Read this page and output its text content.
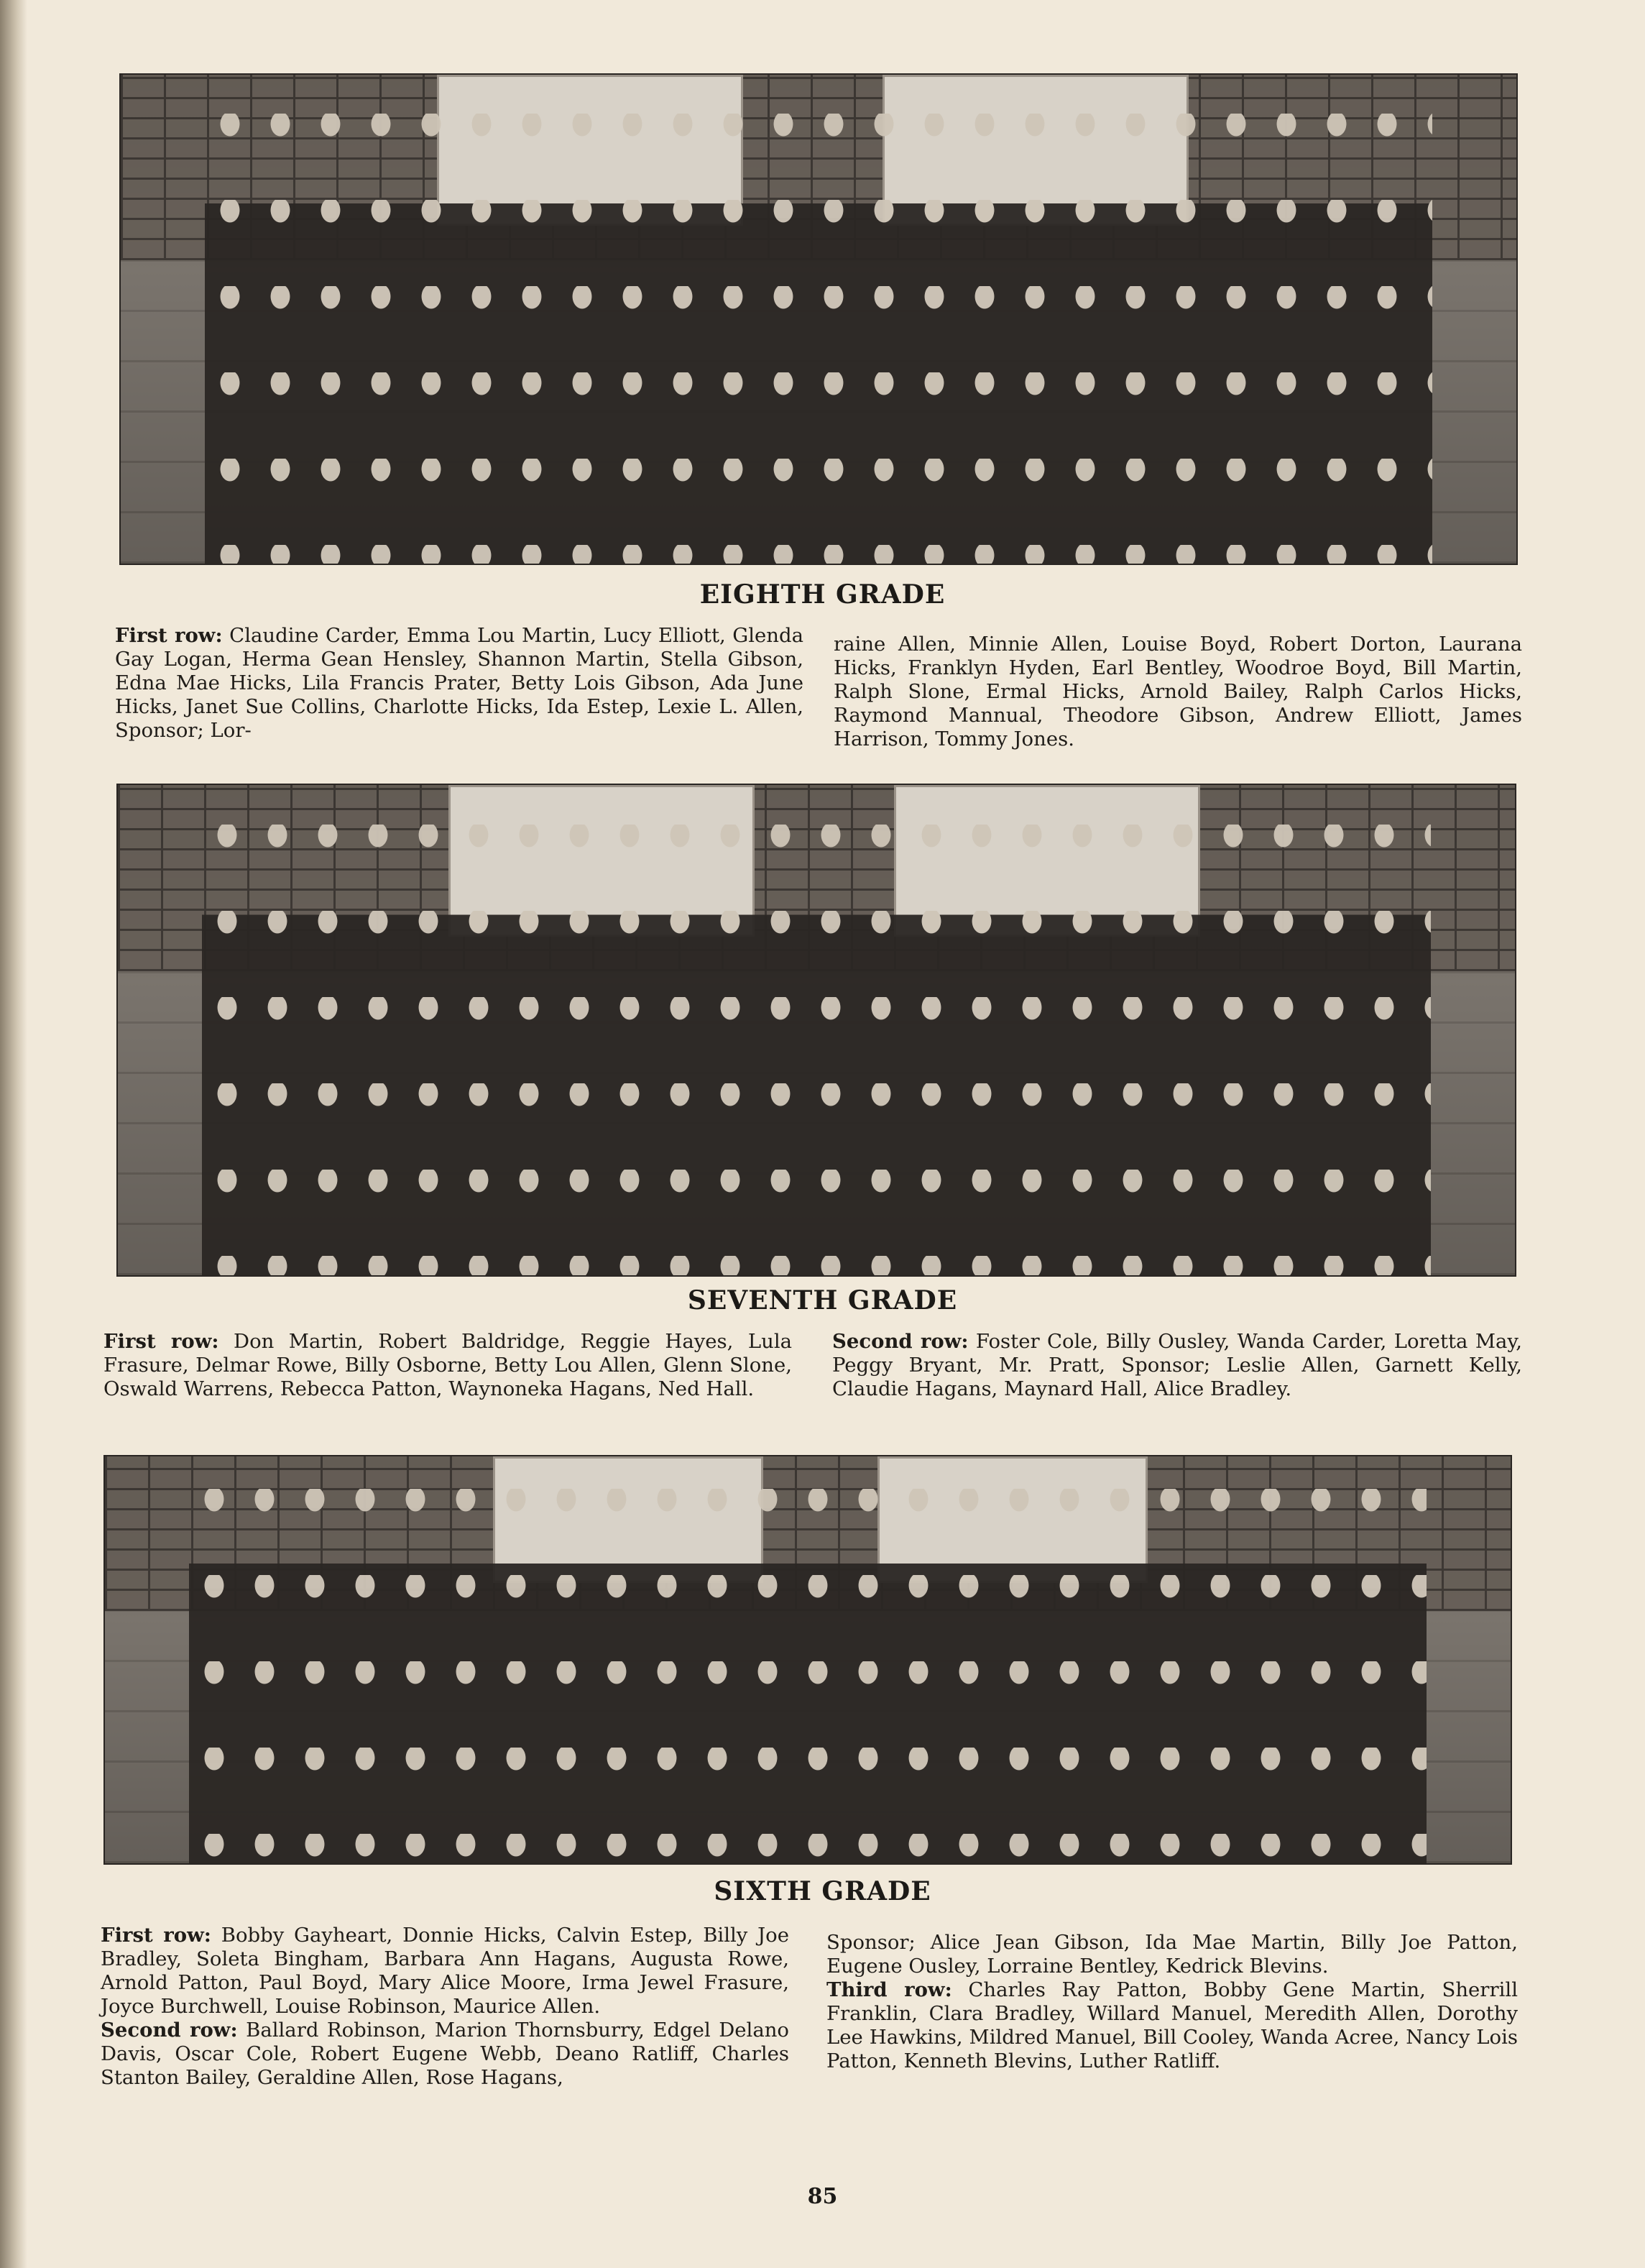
EIGHTH GRADE
First row: Claudine Carder, Emma Lou Martin, Lucy Elliott, Glenda Gay Logan, Herma Gean Hensley, Shannon Martin, Stella Gibson, Edna Mae Hicks, Lila Francis Prater, Betty Lois Gibson, Ada June Hicks, Janet Sue Collins, Charlotte Hicks, Ida Estep, Lexie L. Allen, Sponsor; Lor-
raine Allen, Minnie Allen, Louise Boyd, Robert Dorton, Laurana Hicks, Franklyn Hyden, Earl Bentley, Woodroe Boyd, Bill Martin, Ralph Slone, Ermal Hicks, Arnold Bailey, Ralph Carlos Hicks, Raymond Mannual, Theodore Gibson, Andrew Elliott, James Harrison, Tommy Jones.
SEVENTH GRADE
First row: Don Martin, Robert Baldridge, Reggie Hayes, Lula Frasure, Delmar Rowe, Billy Osborne, Betty Lou Allen, Glenn Slone, Oswald Warrens, Rebecca Patton, Waynoneka Hagans, Ned Hall.
Second row: Foster Cole, Billy Ousley, Wanda Carder, Loretta May, Peggy Bryant, Mr. Pratt, Sponsor; Leslie Allen, Garnett Kelly, Claudie Hagans, Maynard Hall, Alice Bradley.
SIXTH GRADE
First row: Bobby Gayheart, Donnie Hicks, Calvin Estep, Billy Joe Bradley, Soleta Bingham, Barbara Ann Hagans, Augusta Rowe, Arnold Patton, Paul Boyd, Mary Alice Moore, Irma Jewel Frasure, Joyce Burchwell, Louise Robinson, Maurice Allen.
Second row: Ballard Robinson, Marion Thornsburry, Edgel Delano Davis, Oscar Cole, Robert Eugene Webb, Deano Ratliff, Charles Stanton Bailey, Geraldine Allen, Rose Hagans,
Sponsor; Alice Jean Gibson, Ida Mae Martin, Billy Joe Patton, Eugene Ousley, Lorraine Bentley, Kedrick Blevins.
Third row: Charles Ray Patton, Bobby Gene Martin, Sherrill Franklin, Clara Bradley, Willard Manuel, Meredith Allen, Dorothy Lee Hawkins, Mildred Manuel, Bill Cooley, Wanda Acree, Nancy Lois Patton, Kenneth Blevins, Luther Ratliff.
85
